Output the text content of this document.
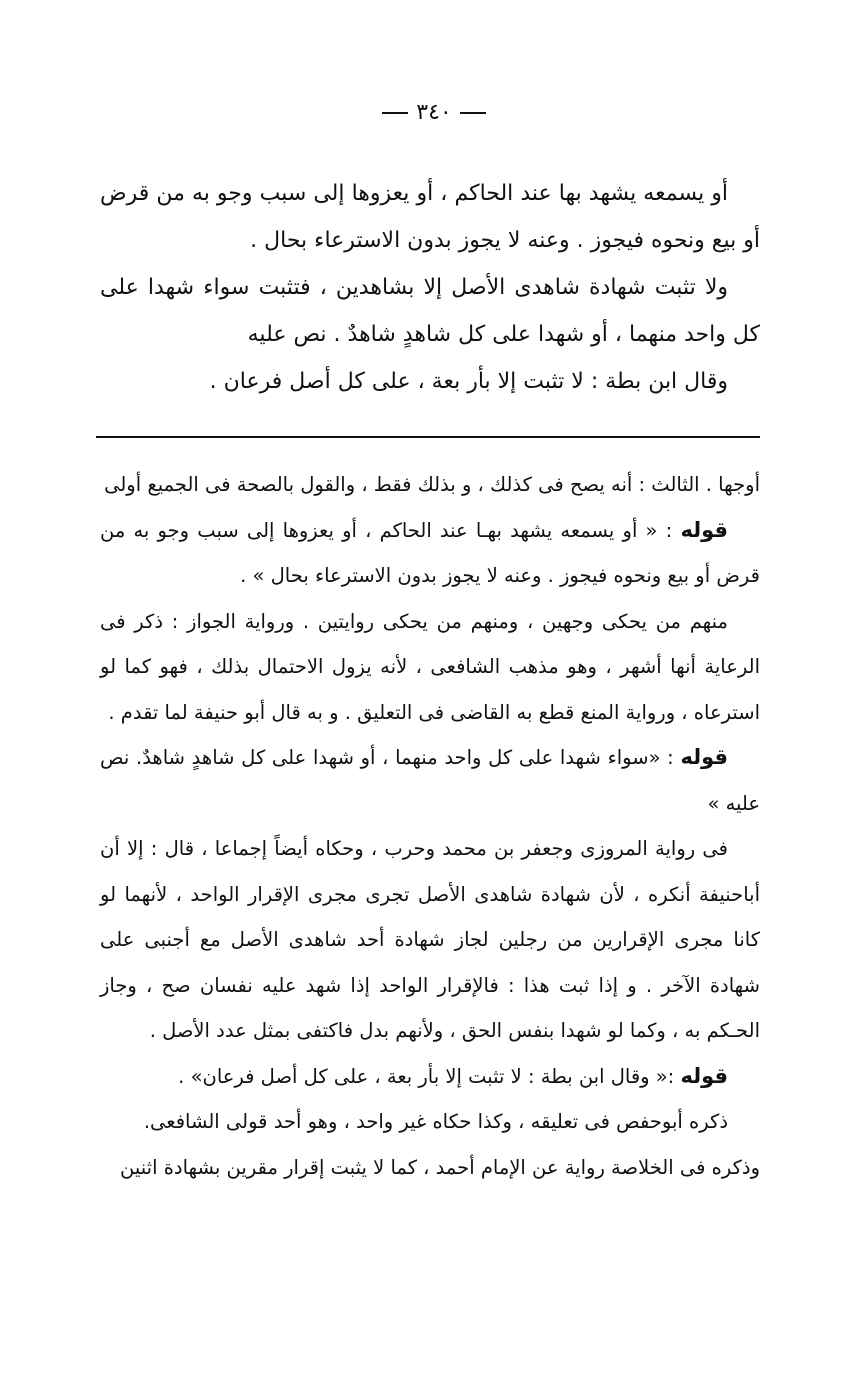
٣٤٠

أو يسمعه يشهد بها عند الحاكم ، أو يعزوها إلى سبب وجو به من قرض أو بيع ونحوه فيجوز . وعنه لا يجوز بدون الاسترعاء بحال .

ولا تثبت شهادة شاهدى الأصل إلا بشاهدين ، فتثبت سواء شهدا على كل واحد منهما ، أو شهدا على كل شاهدٍ شاهدٌ . نص عليه

وقال ابن بطة : لا تثبت إلا بأر بعة ، على كل أصل فرعان .

أوجها . الثالث : أنه يصح فى كذلك ، و بذلك فقط ، والقول بالصحة فى الجميع أولى

قوله : « أو يسمعه يشهد بهـا عند الحاكم ، أو يعزوها إلى سبب وجو به من قرض أو بيع ونحوه فيجوز . وعنه لا يجوز بدون الاسترعاء بحال » .

منهم من يحكى وجهين ، ومنهم من يحكى روايتين . ورواية الجواز : ذكر فى الرعاية أنها أشهر ، وهو مذهب الشافعى ، لأنه يزول الاحتمال بذلك ، فهو كما لو استرعاه ، ورواية المنع قطع به القاضى فى التعليق . و به قال أبو حنيفة لما تقدم .

قوله : «سواء شهدا على كل واحد منهما ، أو شهدا على كل شاهدٍ شاهدٌ. نص عليه »

فى رواية المروزى وجعفر بن محمد وحرب ، وحكاه أيضاً إجماعا ، قال : إلا أن أباحنيفة أنكره ، لأن شهادة شاهدى الأصل تجرى مجرى الإقرار الواحد ، لأنهما لو كانا مجرى الإقرارين من رجلين لجاز شهادة أحد شاهدى الأصل مع أجنبى على شهادة الآخر . و إذا ثبت هذا : فالإقرار الواحد إذا شهد عليه نفسان صح ، وجاز الحـكم به ، وكما لو شهدا بنفس الحق ، ولأنهم بدل فاكتفى بمثل عدد الأصل .

قوله :« وقال ابن بطة : لا تثبت إلا بأر بعة ، على كل أصل فرعان» .

ذكره أبوحفص فى تعليقه ، وكذا حكاه غير واحد ، وهو أحد قولى الشافعى.

وذكره فى الخلاصة رواية عن الإمام أحمد ، كما لا يثبت إقرار مقرين بشهادة اثنين
